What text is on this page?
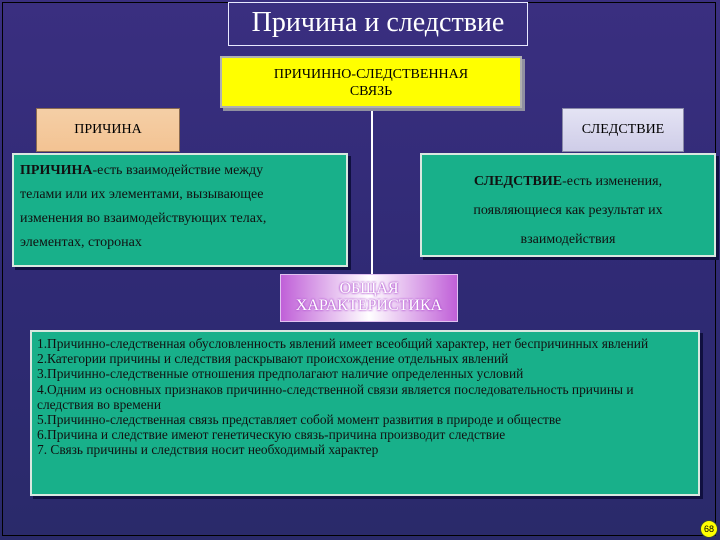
Причина и следствие
ПРИЧИННО-СЛЕДСТВЕННАЯ
СВЯЗЬ
ПРИЧИНА	СЛЕДСТВИЕ
ПРИЧИНА-есть взаимодействие между
телами или их элементами, вызывающее
изменения во взаимодействующих телах,
элементах, сторонах
СЛЕДСТВИЕ-есть изменения,
появляющиеся как результат их
взаимодействия
ОБЩАЯ
ХАРАКТЕРИСТИКА
1.Причинно-следственная обусловленность явлений имеет всеобщий характер, нет беспричинных явлений
2.Категории причины и следствия раскрывают происхождение отдельных явлений
3.Причинно-следственные отношения предполагают наличие определенных условий
4.Одним из основных признаков причинно-следственной связи является последовательность причины и следствия во времени
5.Причинно-следственная связь представляет собой момент развития в природе и обществе
6.Причина и следствие имеют генетическую связь-причина производит следствие
7. Связь причины и следствия носит необходимый характер
68
